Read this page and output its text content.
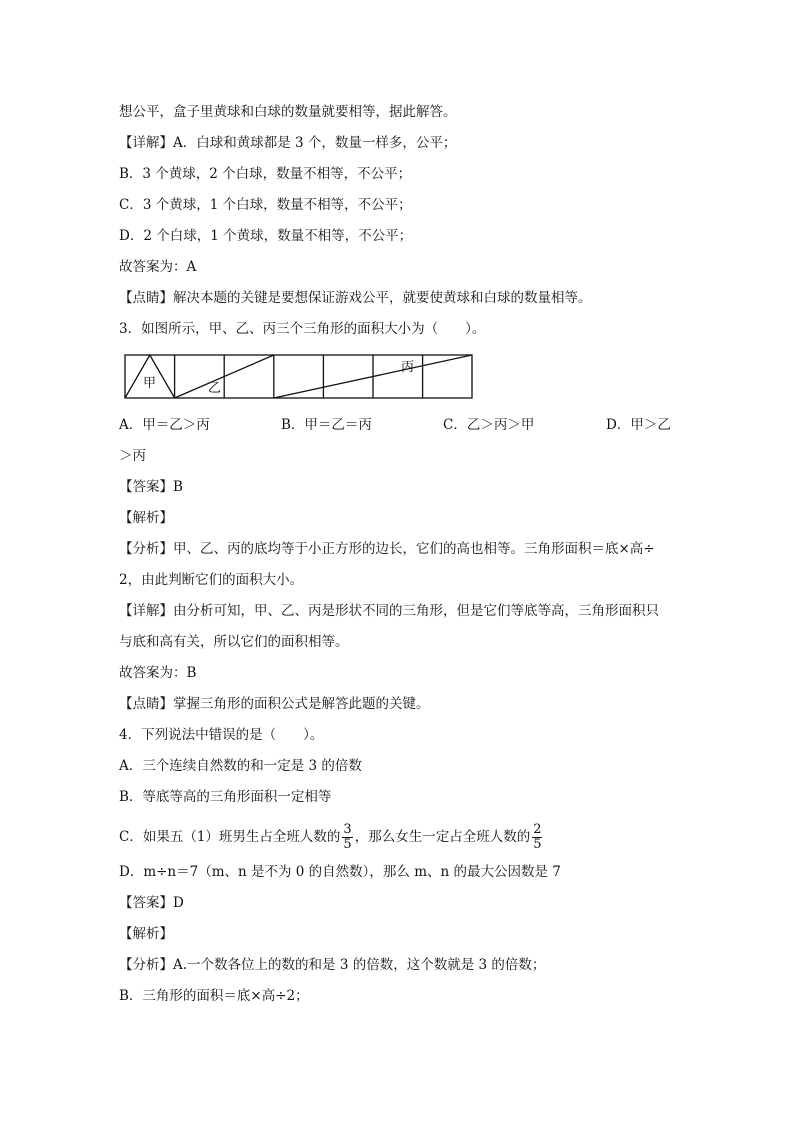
想公平，盒子里黄球和白球的数量就要相等，据此解答。
【详解】A．白球和黄球都是 3 个，数量一样多，公平；
B．3 个黄球，2 个白球，数量不相等，不公平；
C．3 个黄球，1 个白球，数量不相等，不公平；
D．2 个白球，1 个黄球，数量不相等，不公平；
故答案为：A
【点睛】解决本题的关键是要想保证游戏公平，就要使黄球和白球的数量相等。
3．如图所示，甲、乙、丙三个三角形的面积大小为（　　）。
甲	乙
丙
A．甲＝乙＞丙	B．甲＝乙＝丙	C．乙＞丙＞甲	D．甲＞乙
＞丙
【答案】B
【解析】
【分析】甲、乙、丙的底均等于小正方形的边长，它们的高也相等。三角形面积＝底×高÷
2，由此判断它们的面积大小。
【详解】由分析可知，甲、乙、丙是形状不同的三角形，但是它们等底等高，三角形面积只
与底和高有关，所以它们的面积相等。
故答案为：B
【点睛】掌握三角形的面积公式是解答此题的关键。
4．下列说法中错误的是（　　）。
A．三个连续自然数的和一定是 3 的倍数
B．等底等高的三角形面积一定相等
C．如果五（1）班男生占全班人数的 $\frac{3}{5}$ ，那么女生一定占全班人数的 $\frac{2}{5}$
D．m÷n＝7（m、n 是不为 0 的自然数），那么 m、n 的最大公因数是 7
【答案】D
【解析】
【分析】A.一个数各位上的数的和是 3 的倍数，这个数就是 3 的倍数；
B．三角形的面积＝底×高÷2；
